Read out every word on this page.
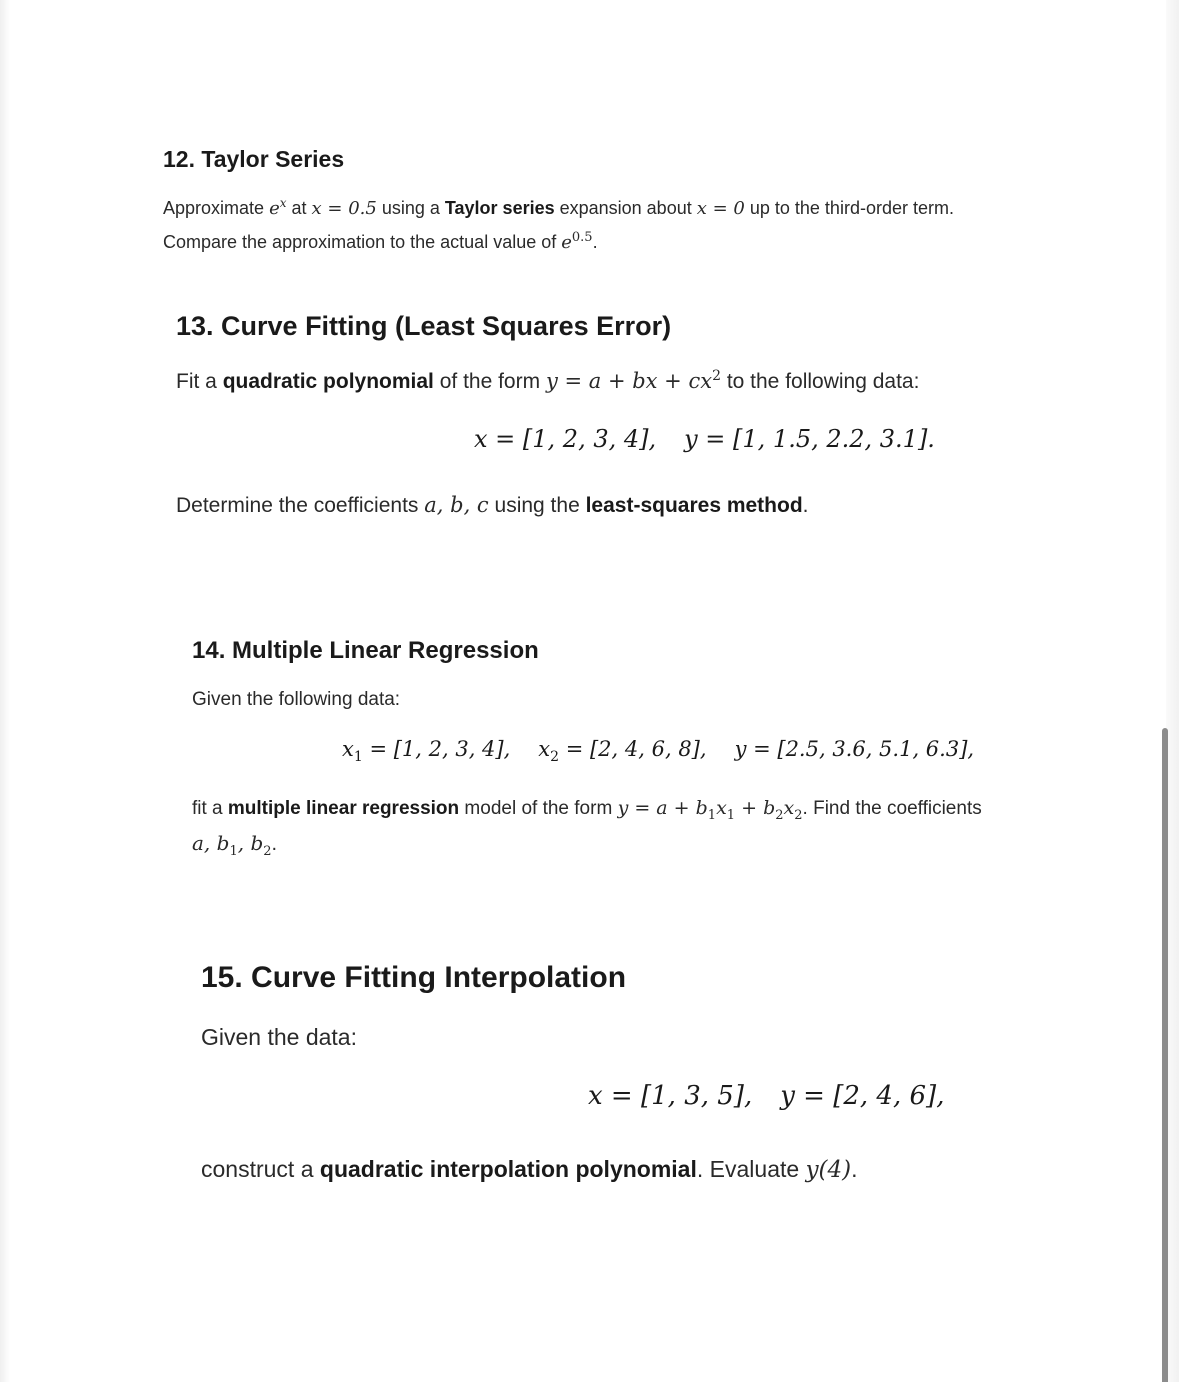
12. Taylor Series

Approximate $e^x$ at x = 0.5 using a Taylor series expansion about x = 0 up to the third-order term.

Compare the approximation to the actual value of $e^{0.5}$.

13. Curve Fitting (Least Squares Error)

Fit a quadratic polynomial of the form y = a + bx + $cx^2$ to the following data:

Determine the coefficients a, b, c using the least-squares method.

x = [1, 2, 3, 4], y = [1, 1.5, 2.2, 3.1].
14. Multiple Linear Regression

Given the following data:

fit a multiple linear regression model of the form $y = a + b_1x_1 + b_2x_2$. Find the coefficients

a, $b_1$, $b_2$.

$x_1 = [1$, 2, 3, 4], $x_2 = [2$, 4, 6, 8], y = [2.5, 3.6, 5.1, 6.3],
15. Curve Fitting Interpolation

Given the data:

construct a quadratic interpolation polynomial. Evaluate y(4).

x = [1, 3, 5], y = [2, 4, 6],
